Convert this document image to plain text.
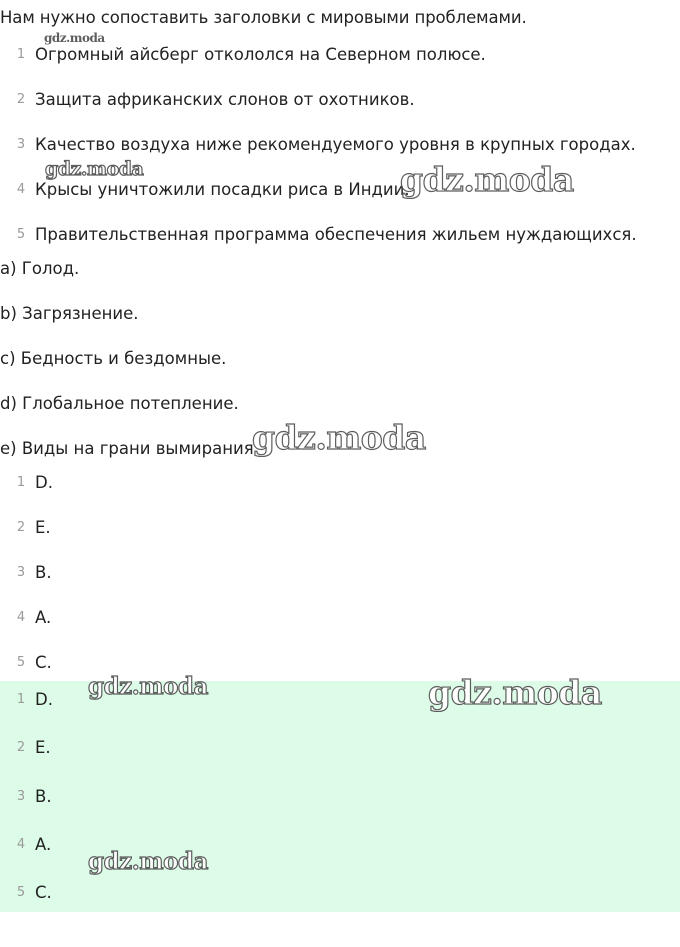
Нам нужно сопоставить заголовки с мировыми проблемами.
1 Огромный айсберг откололся на Северном полюсе.
2 Защита африканских слонов от охотников.
3 Качество воздуха ниже рекомендуемого уровня в крупных городах.
4 Крысы уничтожили посадки риса в Индии.
5 Правительственная программа обеспечения жильем нуждающихся.
a) Голод.
b) Загрязнение.
c) Бедность и бездомные.
d) Глобальное потепление.
e) Виды на грани вымирания.
1 D.
2 E.
3 B.
4 A.
5 C.
1 D.
2 E.
3 B.
4 A.
5 C.
gdz.moda
gdz.moda	gdz.moda
gdz.moda
gdz.moda	gdz.moda
gdz.moda
